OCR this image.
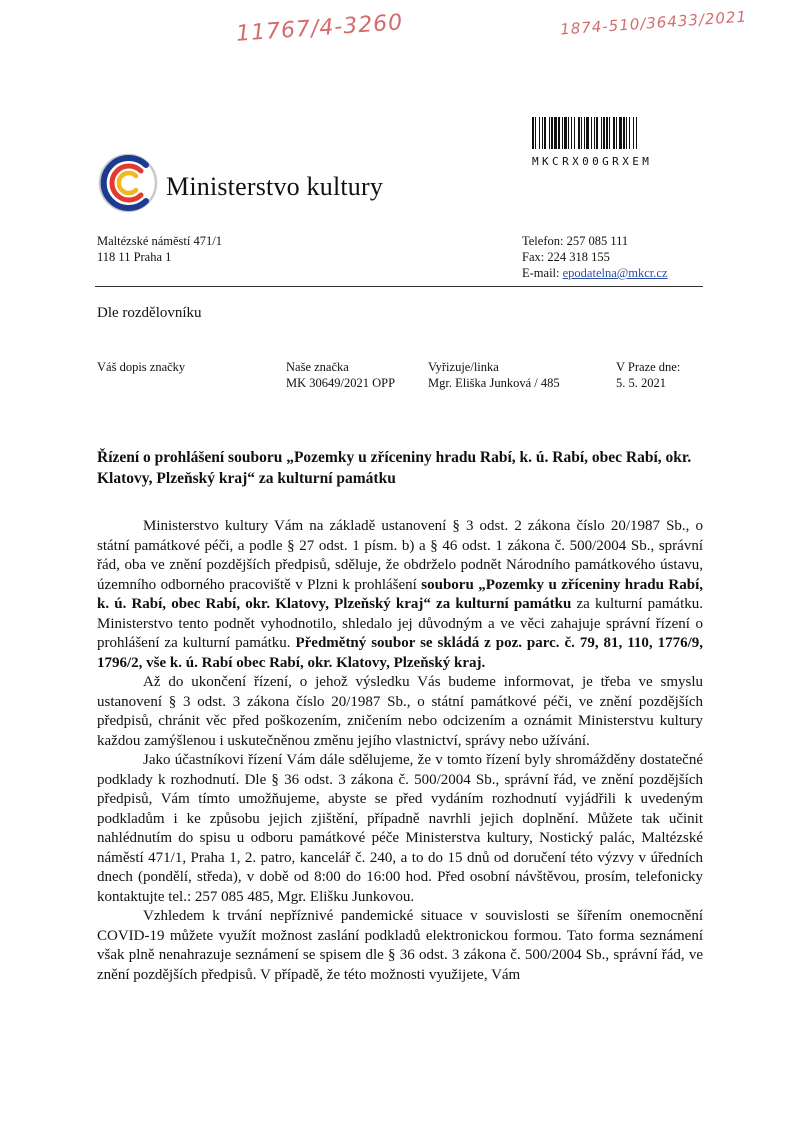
11767/4-3260	1874-510/36433/2021
MKCRX00GRXEM
Ministerstvo kultury
Maltézské náměstí 471/1
118 11 Praha 1
Telefon: 257 085 111
Fax: 224 318 155
E-mail: epodatelna@mkcr.cz
Dle rozdělovníku
Váš dopis značky	Naše značka
MK 30649/2021 OPP
Vyřizuje/linka
Mgr. Eliška Junková / 485
V Praze dne:
5. 5. 2021
Řízení o prohlášení souboru „Pozemky u zříceniny hradu Rabí, k. ú. Rabí, obec Rabí, okr. Klatovy, Plzeňský kraj“ za kulturní památku

Ministerstvo kultury Vám na základě ustanovení § 3 odst. 2 zákona číslo 20/1987 Sb., o státní památkové péči, a podle § 27 odst. 1 písm. b) a § 46 odst. 1 zákona č. 500/2004 Sb., správní řád, oba ve znění pozdějších předpisů, sděluje, že obdrželo podnět Národního památkového ústavu, územního odborného pracoviště v Plzni k prohlášení souboru „Pozemky u zříceniny hradu Rabí, k. ú. Rabí, obec Rabí, okr. Klatovy, Plzeňský kraj“ za kulturní památku za kulturní památku. Ministerstvo tento podnět vyhodnotilo, shledalo jej důvodným a ve věci zahajuje správní řízení o prohlášení za kulturní památku. Předmětný soubor se skládá z poz. parc. č. 79, 81, 110, 1776/9, 1796/2, vše k. ú. Rabí obec Rabí, okr. Klatovy, Plzeňský kraj.

Až do ukončení řízení, o jehož výsledku Vás budeme informovat, je třeba ve smyslu ustanovení § 3 odst. 3 zákona číslo 20/1987 Sb., o státní památkové péči, ve znění pozdějších předpisů, chránit věc před poškozením, zničením nebo odcizením a oznámit Ministerstvu kultury každou zamýšlenou i uskutečněnou změnu jejího vlastnictví, správy nebo užívání.

Jako účastníkovi řízení Vám dále sdělujeme, že v tomto řízení byly shromážděny dostatečné podklady k rozhodnutí. Dle § 36 odst. 3 zákona č. 500/2004 Sb., správní řád, ve znění pozdějších předpisů, Vám tímto umožňujeme, abyste se před vydáním rozhodnutí vyjádřili k uvedeným podkladům i ke způsobu jejich zjištění, případně navrhli jejich doplnění. Můžete tak učinit nahlédnutím do spisu u odboru památkové péče Ministerstva kultury, Nostický palác, Maltézské náměstí 471/1, Praha 1, 2. patro, kancelář č. 240, a to do 15 dnů od doručení této výzvy v úředních dnech (pondělí, středa), v době od 8:00 do 16:00 hod. Před osobní návštěvou, prosím, telefonicky kontaktujte tel.: 257 085 485, Mgr. Elišku Junkovou.

Vzhledem k trvání nepříznivé pandemické situace v souvislosti se šířením onemocnění COVID-19 můžete využít možnost zaslání podkladů elektronickou formou. Tato forma seznámení však plně nenahrazuje seznámení se spisem dle § 36 odst. 3 zákona č. 500/2004 Sb., správní řád, ve znění pozdějších předpisů. V případě, že této možnosti využijete, Vám
